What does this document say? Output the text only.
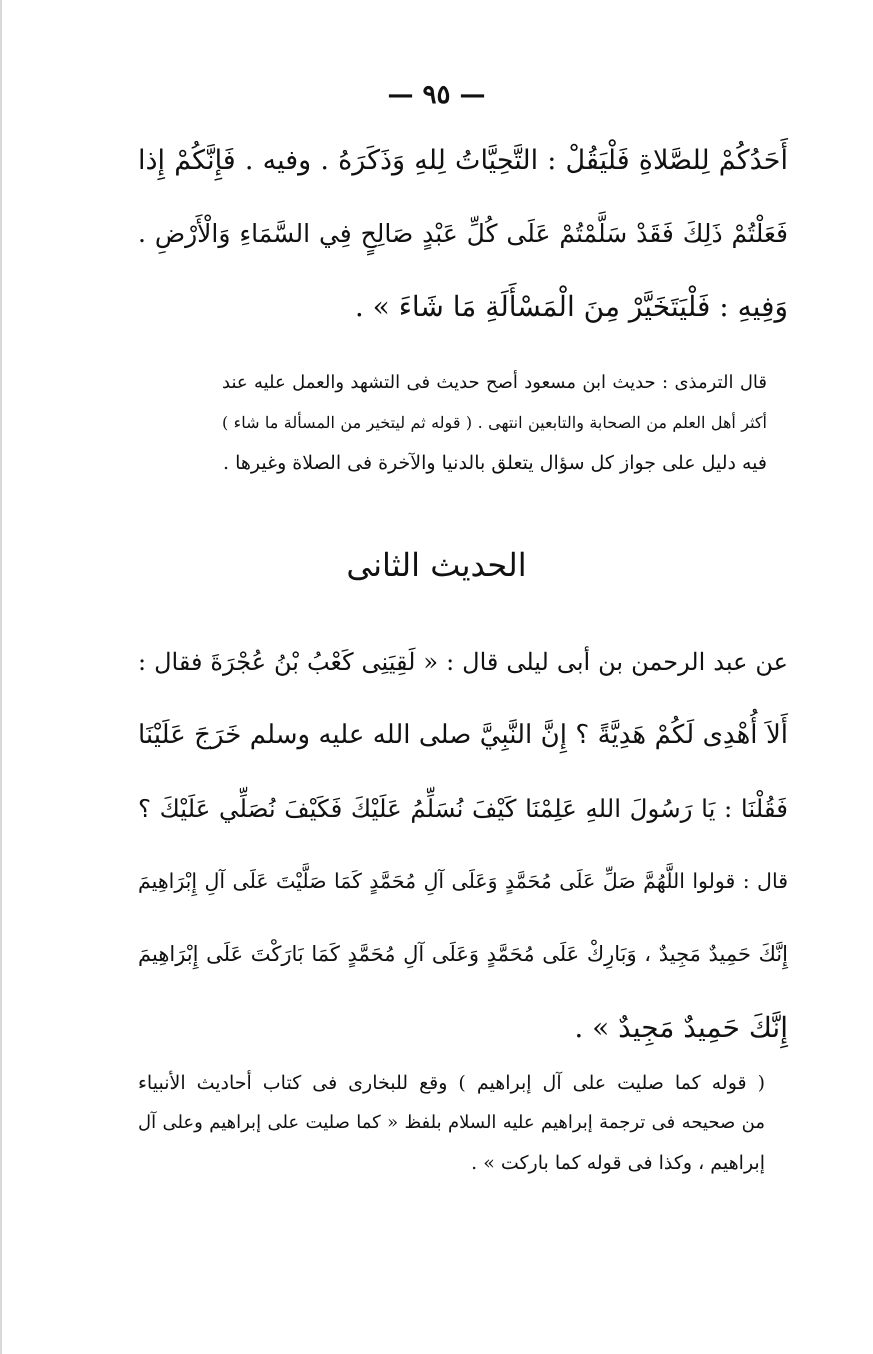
— ٩٥ —
أَحَدُكُمْ لِلصَّلاةِ فَلْيَقُلْ : التَّحِيَّاتُ لِلهِ وَذَكَرَهُ . وفيه . فَإِنَّكُمْ إِذا
فَعَلْتُمْ ذَلِكَ فَقَدْ سَلَّمْتُمْ عَلَى كُلِّ عَبْدٍ صَالِحٍ فِي السَّمَاءِ وَالْأَرْضِ .
وَفِيهِ : فَلْيَتَخَيَّرْ مِنَ الْمَسْأَلَةِ مَا شَاءَ » .
قال الترمذى : حديث ابن مسعود أصح حديث فى التشهد والعمل عليه عند
أكثر أهل العلم من الصحابة والتابعين انتهى . ( قوله ثم ليتخير من المسألة ما شاء )
فيه دليل على جواز كل سؤال يتعلق بالدنيا والآخرة فى الصلاة وغيرها .
الحديث الثانى
عن عبد الرحمن بن أبى ليلى قال : « لَقِيَنِى كَعْبُ بْنُ عُجْرَةَ فقال :
أَلاَ أُهْدِى لَكُمْ هَدِيَّةً ؟ إِنَّ النَّبِيَّ صلى الله عليه وسلم خَرَجَ عَلَيْنَا
فَقُلْنَا : يَا رَسُولَ اللهِ عَلِمْنَا كَيْفَ نُسَلِّمُ عَلَيْكَ فَكَيْفَ نُصَلِّي عَلَيْكَ ؟
قال : قولوا اللَّهُمَّ صَلِّ عَلَى مُحَمَّدٍ وَعَلَى آلِ مُحَمَّدٍ كَمَا صَلَّيْتَ عَلَى آلِ إِبْرَاهِيمَ
إِنَّكَ حَمِيدٌ مَجِيدٌ ، وَبَارِكْ عَلَى مُحَمَّدٍ وَعَلَى آلِ مُحَمَّدٍ كَمَا بَارَكْتَ عَلَى إِبْرَاهِيمَ
إِنَّكَ حَمِيدٌ مَجِيدٌ » .
( قوله كما صليت على آل إبراهيم ) وقع للبخارى فى كتاب أحاديث الأنبياء
من صحيحه فى ترجمة إبراهيم عليه السلام بلفظ « كما صليت على إبراهيم وعلى آل
إبراهيم ، وكذا فى قوله كما باركت » .
